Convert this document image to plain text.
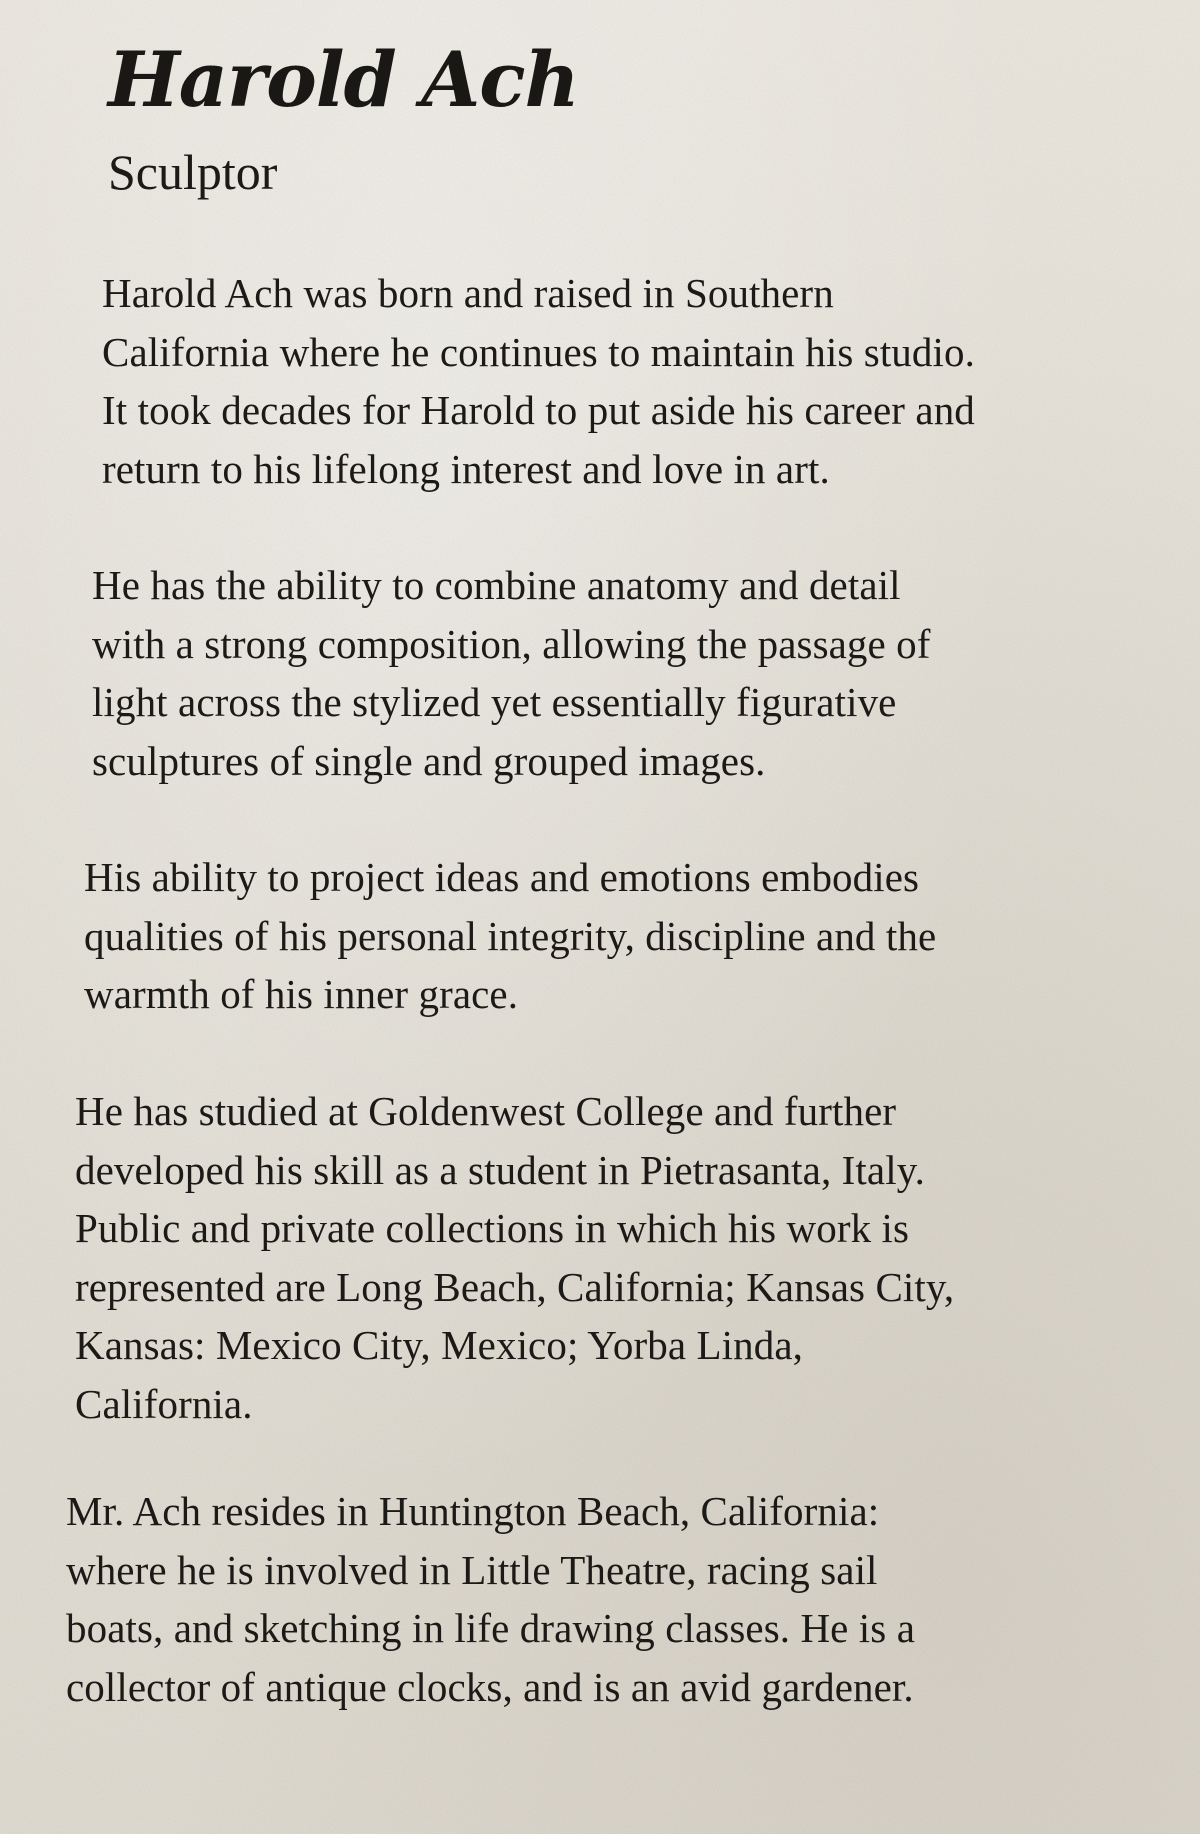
Harold Ach
Sculptor

Harold Ach was born and raised in Southern
California where he continues to maintain his studio.
It took decades for Harold to put aside his career and
return to his lifelong interest and love in art.

He has the ability to combine anatomy and detail
with a strong composition, allowing the passage of
light across the stylized yet essentially figurative
sculptures of single and grouped images.

His ability to project ideas and emotions embodies
qualities of his personal integrity, discipline and the
warmth of his inner grace.

He has studied at Goldenwest College and further
developed his skill as a student in Pietrasanta, Italy.
Public and private collections in which his work is
represented are Long Beach, California; Kansas City,
Kansas: Mexico City, Mexico; Yorba Linda,
California.

Mr. Ach resides in Huntington Beach, California:
where he is involved in Little Theatre, racing sail
boats, and sketching in life drawing classes. He is a
collector of antique clocks, and is an avid gardener.
